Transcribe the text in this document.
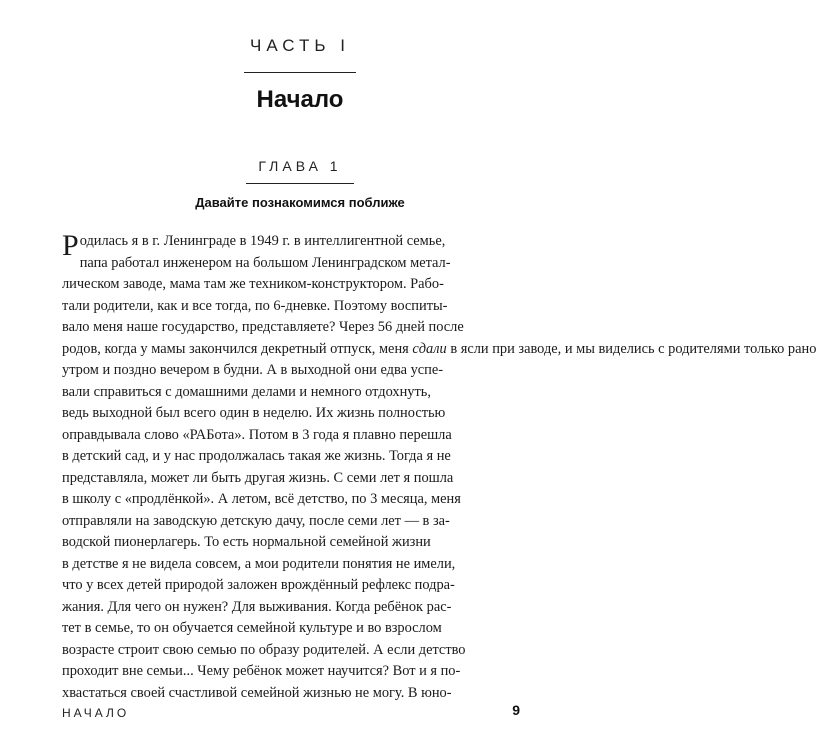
ЧАСТЬ I
Начало
ГЛАВА 1
Давайте познакомимся поближе
Родилась я в г. Ленинграде в 1949 г. в интеллигентной семье,
папа работал инженером на большом Ленинградском метал-
лическом заводе, мама там же техником-конструктором. Рабо-
тали родители, как и все тогда, по 6-дневке. Поэтому воспиты-
вало меня наше государство, представляете? Через 56 дней после
родов, когда у мамы закончился декретный отпуск, меня сдали в ясли при заводе, и мы виделись с родителями только рано
утром и поздно вечером в будни. А в выходной они едва успе-
вали справиться с домашними делами и немного отдохнуть,
ведь выходной был всего один в неделю. Их жизнь полностью
оправдывала слово «РАБота». Потом в 3 года я плавно перешла
в детский сад, и у нас продолжалась такая же жизнь. Тогда я не
представляла, может ли быть другая жизнь. С семи лет я пошла
в школу с «продлёнкой». А летом, всё детство, по 3 месяца, меня
отправляли на заводскую детскую дачу, после семи лет — в за-
водской пионерлагерь. То есть нормальной семейной жизни
в детстве я не видела совсем, а мои родители понятия не имели,
что у всех детей природой заложен врождённый рефлекс подра-
жания. Для чего он нужен? Для выживания. Когда ребёнок рас-
тет в семье, то он обучается семейной культуре и во взрослом
возрасте строит свою семью по образу родителей. А если детство
проходит вне семьи... Чему ребёнок может научится? Вот и я по-
хвастаться своей счастливой семейной жизнью не могу. В юно-
НАЧАЛО	9
